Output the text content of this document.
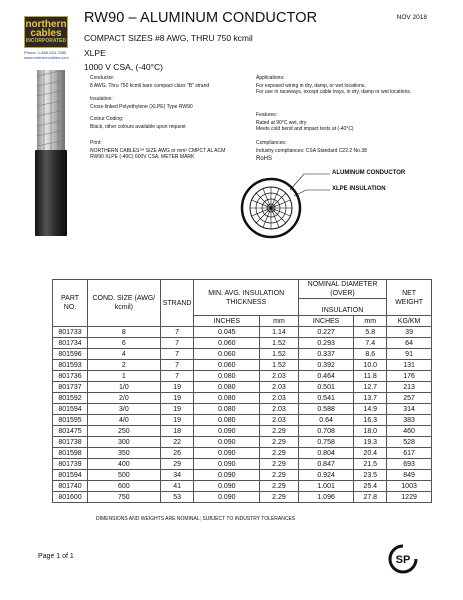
northern
cables
INCORPORATED
Phone: 1-866-524-7050
www.northerncables.com
RW90 – ALUMINUM CONDUCTOR	NOV 2018
COMPACT SIZES #8 AWG, THRU 750 kcmil
XLPE
1000 V CSA, (-40°C)
Conductor:
8 AWG. Thru 750 kcmil bare compact class "B" strand
Insulation:
Cross-linked Polyethylene (XLPE) Type RW90
Colour Coding:
Black, other colours available upon request
Print:
NORTHERN CABLES™ SIZE AWG or mm² CMPCT AL ACM
RW90 XLPE (-40C) 600V CSA, METER MARK
Applications:
For exposed wiring in dry, damp, or wet locations.
For use in raceways, except cable trays, in dry, damp or wet locations.
Features:
Rated at 90°C wet, dry
Meets cold bend and impact tests at (-40°C)
Compliances:
Industry compliances: CSA Standard C22.2 No.38
RoHS
ALUMINUM CONDUCTOR
XLPE INSULATION
PART NO.	COND. SIZE (AWG/ kcmil)	STRAND	MIN. AVG. INSULATION THICKNESS		NOMINAL DIAMETER (OVER)		NET WEIGHT
					INSULATION		
			INCHES	mm	INCHES	mm	KG/KM
801733	8	7	0.045	1.14	0.227	5.8	39
801734	6	7	0.060	1.52	0.293	7.4	64
801596	4	7	0.060	1.52	0.337	8.6	91
801593	2	7	0.060	1.52	0.392	10.0	131
801736	1	7	0.080	2.03	0.464	11.8	176
801737	1/0	19	0.080	2.03	0.501	12.7	213
801592	2/0	19	0.080	2.03	0.541	13.7	257
801594	3/0	19	0.080	2.03	0.588	14.9	314
801595	4/0	19	0.080	2.03	0.64	16.3	383
801475	250	18	0.090	2.29	0.708	18.0	460
801738	300	22	0.090	2.29	0.758	19.3	528
801598	350	26	0.090	2.29	0.804	20.4	617
801739	400	29	0.090	2.29	0.847	21.5	693
801594	500	34	0.090	2.29	0.924	23.5	849
801740	600	41	0.090	2.29	1.001	25.4	1003
801600	750	53	0.090	2.29	1.096	27.8	1229
DIMENSIONS AND WEIGHTS ARE NOMINAL; SUBJECT TO INDUSTRY TOLERANCES
Page 1 of 1	SP
